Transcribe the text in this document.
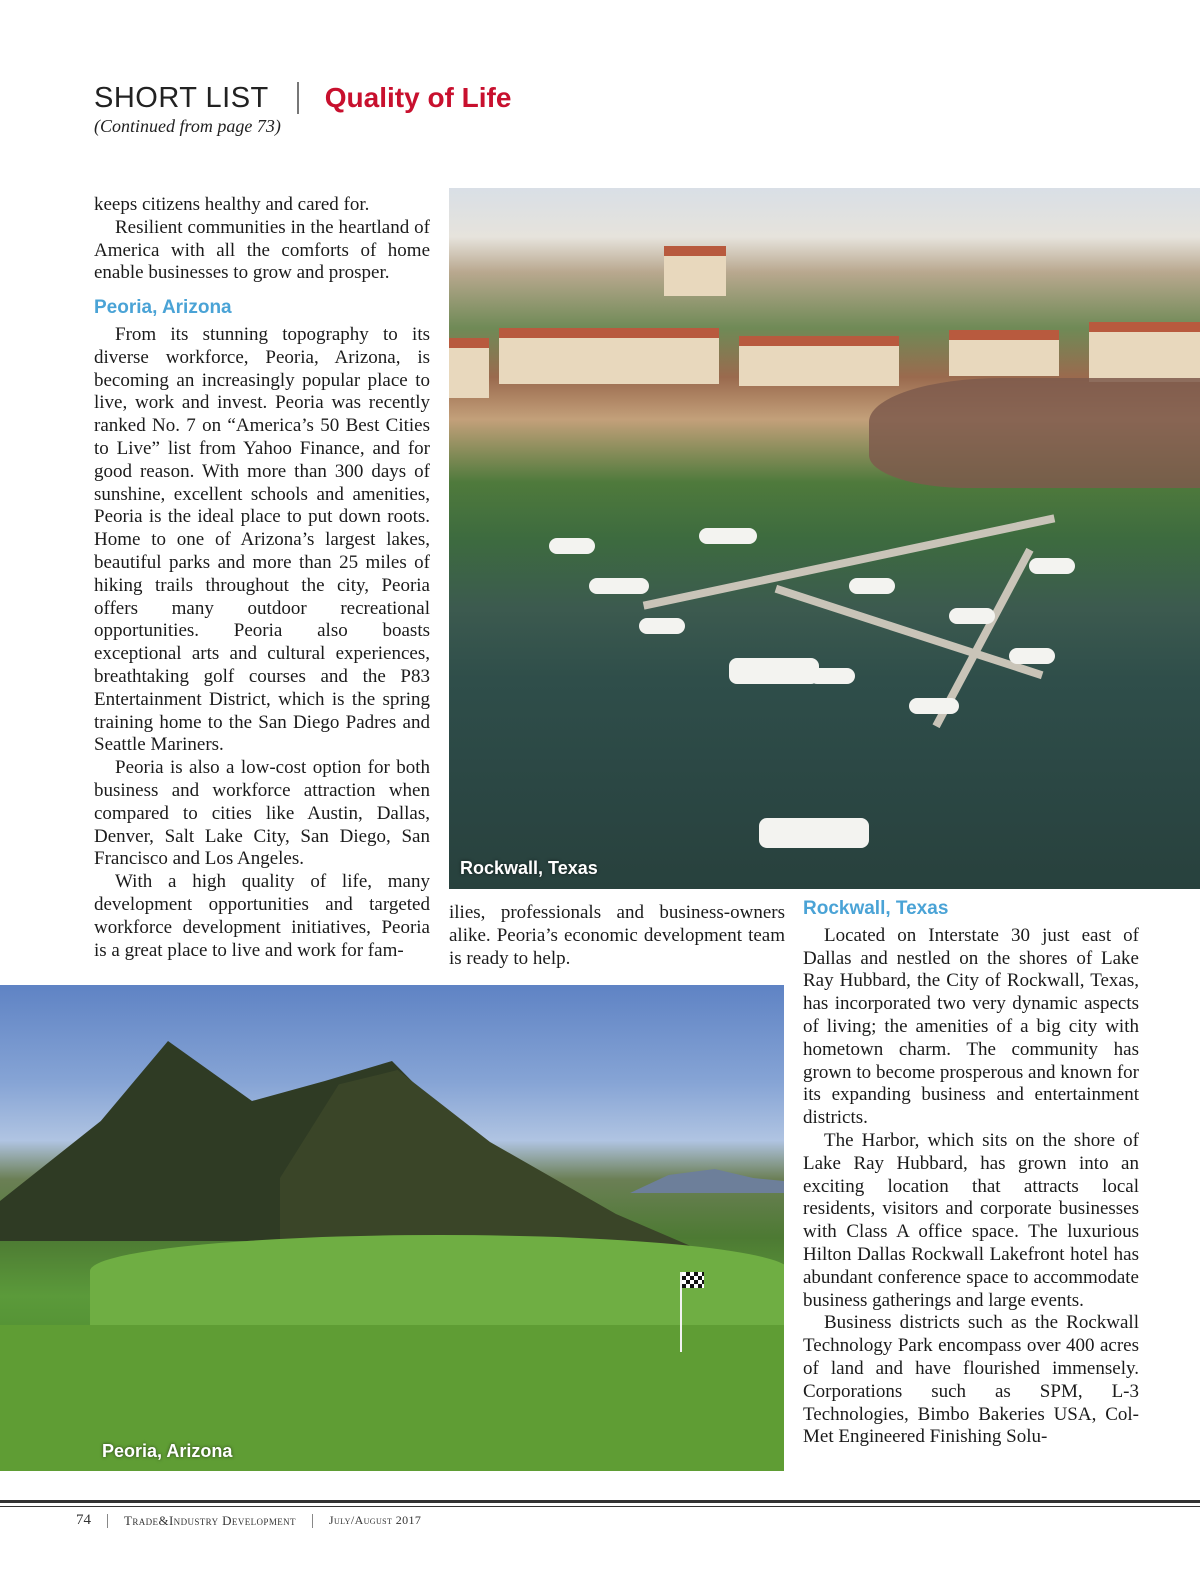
SHORT LIST Quality of Life
(Continued from page 73)

keeps citizens healthy and cared for.

Resilient communities in the heartland of America with all the comforts of home enable businesses to grow and prosper.

Peoria, Arizona

From its stunning topography to its diverse workforce, Peoria, Arizona, is becoming an increasingly popular place to live, work and invest. Peoria was recently ranked No. 7 on “America’s 50 Best Cities to Live” list from Yahoo Finance, and for good reason. With more than 300 days of sunshine, excellent schools and amenities, Peoria is the ideal place to put down roots. Home to one of Arizona’s largest lakes, beautiful parks and more than 25 miles of hiking trails throughout the city, Peoria offers many outdoor recreational opportunities. Peoria also boasts exceptional arts and cultural experiences, breathtaking golf courses and the P83 Entertainment District, which is the spring training home to the San Diego Padres and Seattle Mariners.

Peoria is also a low-cost option for both business and workforce attraction when compared to cities like Austin, Dallas, Denver, Salt Lake City, San Diego, San Francisco and Los Angeles.

With a high quality of life, many development opportunities and targeted workforce development initiatives, Peoria is a great place to live and work for fam-

Rockwall, Texas

ilies, professionals and business-owners alike. Peoria’s economic development team is ready to help.

Rockwall, Texas

Located on Interstate 30 just east of Dallas and nestled on the shores of Lake Ray Hubbard, the City of Rockwall, Texas, has incorporated two very dynamic aspects of living; the amenities of a big city with hometown charm. The community has grown to become prosperous and known for its expanding business and entertainment districts.

The Harbor, which sits on the shore of Lake Ray Hubbard, has grown into an exciting location that attracts local residents, visitors and corporate businesses with Class A office space. The luxurious Hilton Dallas Rockwall Lakefront hotel has abundant conference space to accommodate business gatherings and large events.

Business districts such as the Rockwall Technology Park encompass over 400 acres of land and have flourished immensely. Corporations such as SPM, L-3 Technologies, Bimbo Bakeries USA, Col-Met Engineered Finishing Solu-

Peoria, Arizona
74	Trade&Industry Development	July/August 2017
